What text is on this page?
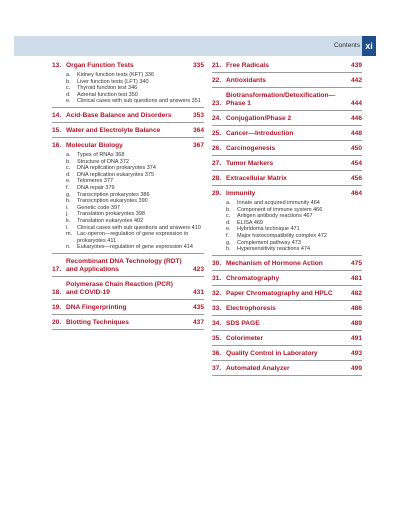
Contents xi
13. Organ Function Tests	335
a.	Kidney function tests (KFT) 336
b.	Liver function tests (LFT) 340
c.	Thyroid function test 346
d.	Adrenal function test 350
e.	Clinical cases with sub questions and answers 351
14. Acid-Base Balance and Disorders	353
15. Water and Electrolyte Balance	364
16. Molecular Biology	367
a.	Types of RNAs 368
b.	Structure of DNA 372
c.	DNA replication prokaryotes 374
d.	DNA replication eukaryotes 375
e.	Telomeres 377
f.	DNA repair 379
g.	Transcription prokaryotes 386
h.	Transcription eukaryotes 390
i.	Genetic code 397
j.	Translation prokaryotes 398
k.	Translation eukaryotes 402
l.	Clinical cases with sub questions and answers 410
m. Lac-operon—regulation of gene expression in prokaryotes 411
n.	Eukaryotes—regulation of gene expression 414
17.
Recombinant DNA Technology (RDT) and Applications	423
18.
Polymerase Chain Reaction (PCR) and COVID-19	431
19. DNA Fingerprinting	435
20. Blotting Techniques	437
21. Free Radicals	439
22. Antioxidants	442
23.
Biotransformation/Detoxification—Phase 1	444
24. Conjugation/Phase 2	446
25. Cancer—Introduction	448
26. Carcinogenesis	450
27. Tumor Markers	454
28. Extracellular Matrix	456
29. Immunity	464
a.	Innate and acquired immunity 464
b.	Component of immune system 466
c.	Antigen antibody reactions 467
d.	ELISA 469
e.	Hybridoma technique 471
f.	Major histocompatibility complex 472
g.	Complement pathway 473
h.	Hypersensitivity reactions 474
30. Mechanism of Hormone Action	475
31. Chromatography	481
32. Paper Chromatography and HPLC	482
33. Electrophoresis	486
34. SDS PAGE	489
35. Colorimeter	491
36. Quality Control in Laboratory	493
37. Automated Analyzer	499
